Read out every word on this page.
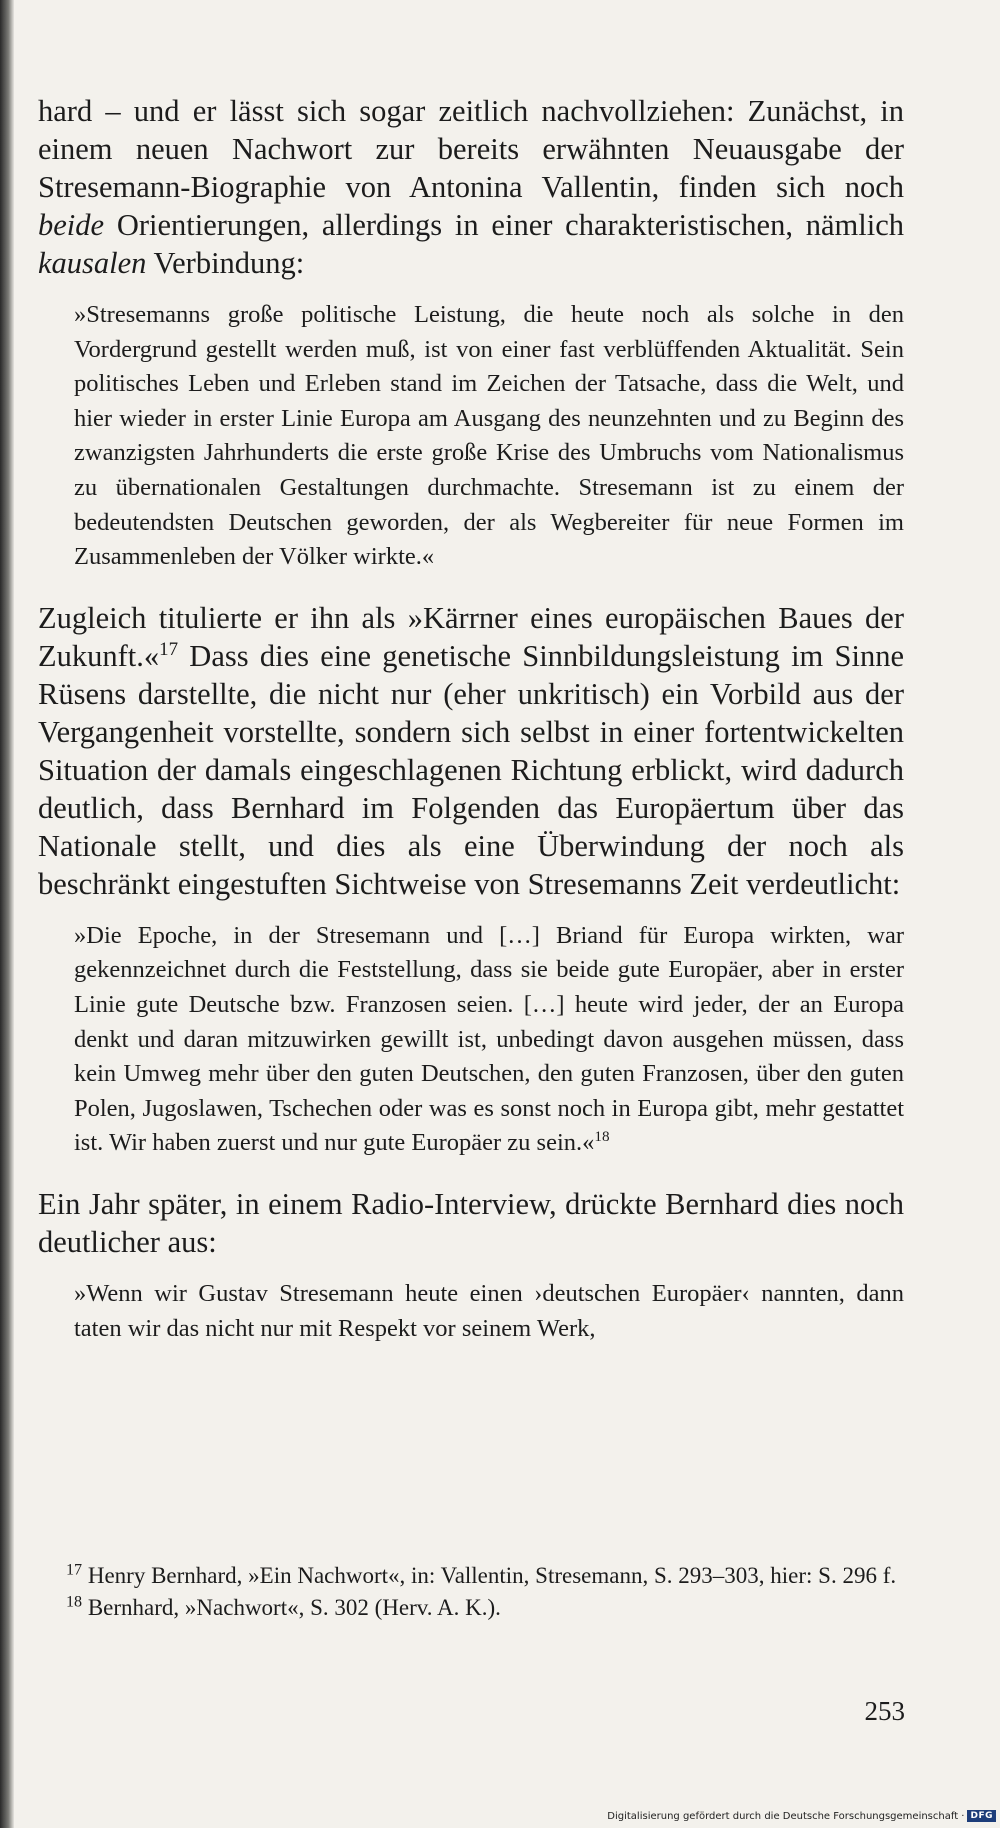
hard – und er lässt sich sogar zeitlich nachvollziehen: Zunächst, in einem neuen Nachwort zur bereits erwähnten Neuausgabe der Stresemann-Biographie von Antonina Vallentin, finden sich noch beide Orientierungen, allerdings in einer charakteristischen, nämlich kausalen Verbindung:

»Stresemanns große politische Leistung, die heute noch als solche in den Vordergrund gestellt werden muß, ist von einer fast verblüffenden Aktualität. Sein politisches Leben und Erleben stand im Zeichen der Tatsache, dass die Welt, und hier wieder in erster Linie Europa am Ausgang des neunzehnten und zu Beginn des zwanzigsten Jahrhunderts die erste große Krise des Umbruchs vom Nationalismus zu übernationalen Gestaltungen durchmachte. Stresemann ist zu einem der bedeutendsten Deutschen geworden, der als Wegbereiter für neue Formen im Zusammenleben der Völker wirkte.«

Zugleich titulierte er ihn als »Kärrner eines europäischen Baues der Zukunft.«$^{17}$ Dass dies eine genetische Sinnbildungsleistung im Sinne Rüsens darstellte, die nicht nur (eher unkritisch) ein Vorbild aus der Vergangenheit vorstellte, sondern sich selbst in einer fortentwickelten Situation der damals eingeschlagenen Richtung erblickt, wird dadurch deutlich, dass Bernhard im Folgenden das Europäertum über das Nationale stellt, und dies als eine Überwindung der noch als beschränkt eingestuften Sichtweise von Stresemanns Zeit verdeutlicht:

»Die Epoche, in der Stresemann und […] Briand für Europa wirkten, war gekennzeichnet durch die Feststellung, dass sie beide gute Europäer, aber in erster Linie gute Deutsche bzw. Franzosen seien. […] heute wird jeder, der an Europa denkt und daran mitzuwirken gewillt ist, unbedingt davon ausgehen müssen, dass kein Umweg mehr über den guten Deutschen, den guten Franzosen, über den guten Polen, Jugoslawen, Tschechen oder was es sonst noch in Europa gibt, mehr gestattet ist. Wir haben zuerst und nur gute Europäer zu sein.«$^{18}$

Ein Jahr später, in einem Radio-Interview, drückte Bernhard dies noch deutlicher aus:

»Wenn wir Gustav Stresemann heute einen ›deutschen Europäer‹ nannten, dann taten wir das nicht nur mit Respekt vor seinem Werk,

$^{17}$ Henry Bernhard, »Ein Nachwort«, in: Vallentin, Stresemann, S. 293–303, hier: S. 296 f.

$^{18}$ Bernhard, »Nachwort«, S. 302 (Herv. A. K.).

253
Digitalisierung gefördert durch die Deutsche Forschungsgemeinschaft · DFG
